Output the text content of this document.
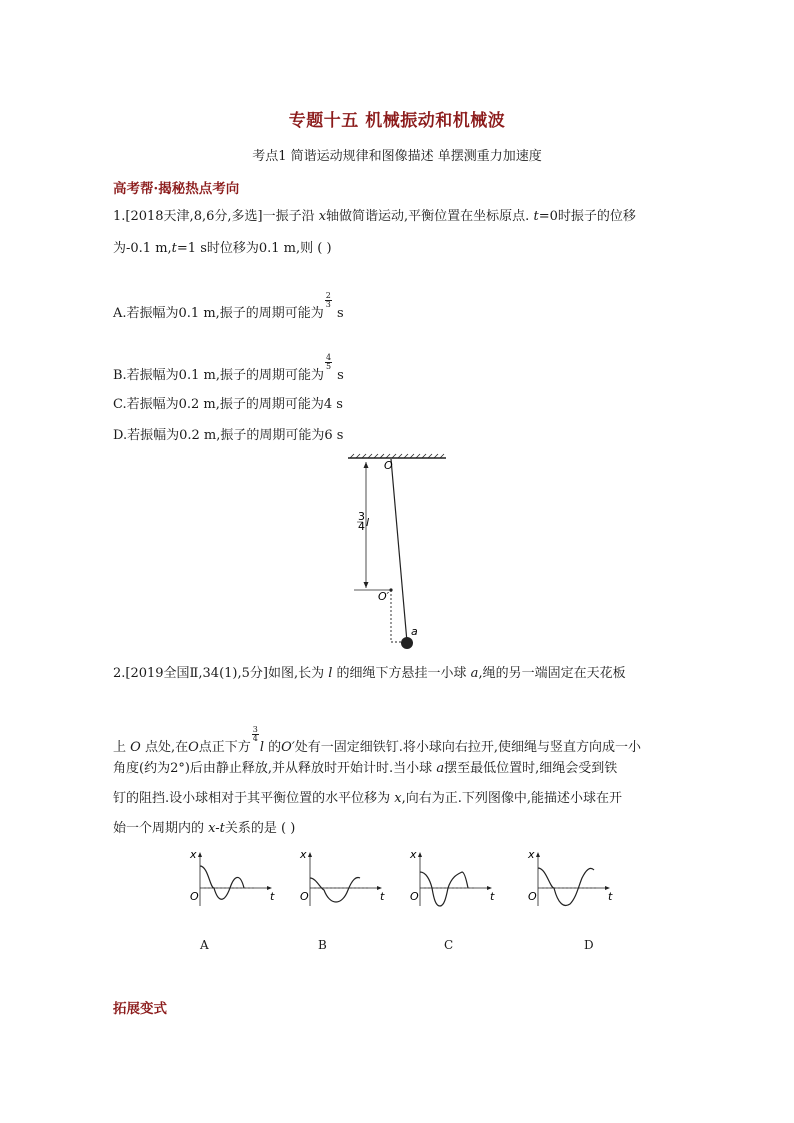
专题十五 机械振动和机械波
考点1 简谐运动规律和图像描述 单摆测重力加速度
高考帮·揭秘热点考向
1.[2018天津,8,6分,多选]一振子沿 x轴做简谐运动,平衡位置在坐标原点. t=0时振子的位移
为-0.1 m,t=1 s时位移为0.1 m,则 ( )
A.若振幅为0.1 m,振子的周期可能为
$\frac{2}{3}$
s
B.若振幅为0.1 m,振子的周期可能为
$\frac{4}{5}$
s
C.若振幅为0.2 m,振子的周期可能为4 s
D.若振幅为0.2 m,振子的周期可能为6 s
O
O′
a
3
4 l
2.[2019全国Ⅱ,34(1),5分]如图,长为 l 的细绳下方悬挂一小球 a,绳的另一端固定在天花板
上 O 点处,在O点正下方
$\frac{3}{4}$
l 的O′处有一固定细铁钉.将小球向右拉开,使细绳与竖直方向成一小
角度(约为2°)后由静止释放,并从释放时开始计时.当小球 a摆至最低位置时,细绳会受到铁
钉的阻挡.设小球相对于其平衡位置的水平位移为 x,向右为正.下列图像中,能描述小球在开
始一个周期内的 x-t关系的是 ( )
x
t
O
x
t
O
x
t
O
x
t
O
A	B	C	D
拓展变式
